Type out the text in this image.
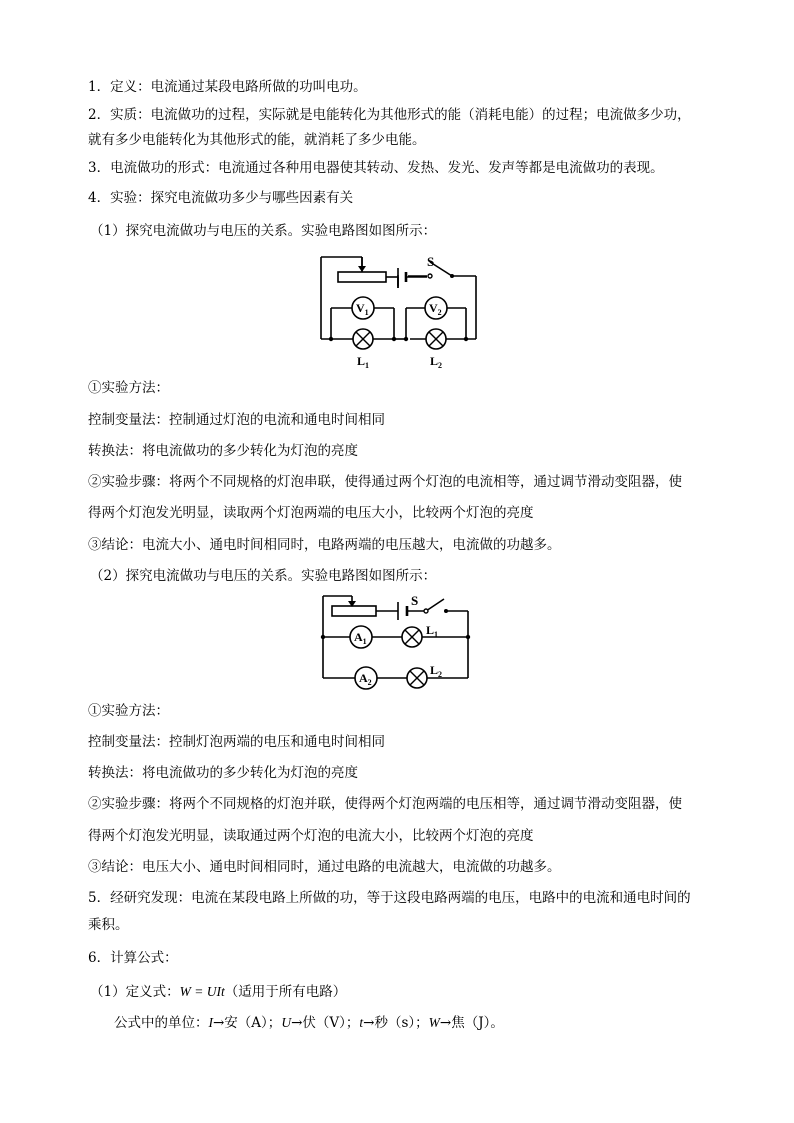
1．定义：电流通过某段电路所做的功叫电功。
2．实质：电流做功的过程，实际就是电能转化为其他形式的能（消耗电能）的过程；电流做多少功，
就有多少电能转化为其他形式的能，就消耗了多少电能。
3．电流做功的形式：电流通过各种用电器使其转动、发热、发光、发声等都是电流做功的表现。
4．实验：探究电流做功多少与哪些因素有关
（1）探究电流做功与电压的关系。实验电路图如图所示：
S
$V_1$	$V_2$
$L_1$	$L_2$
①实验方法：
控制变量法：控制通过灯泡的电流和通电时间相同
转换法：将电流做功的多少转化为灯泡的亮度
②实验步骤：将两个不同规格的灯泡串联，使得通过两个灯泡的电流相等，通过调节滑动变阻器，使
得两个灯泡发光明显，读取两个灯泡两端的电压大小，比较两个灯泡的亮度
③结论：电流大小、通电时间相同时，电路两端的电压越大，电流做的功越多。
（2）探究电流做功与电压的关系。实验电路图如图所示：
S
$A_1$
$A_2$
$L_1$
$L_2$
①实验方法：
控制变量法：控制灯泡两端的电压和通电时间相同
转换法：将电流做功的多少转化为灯泡的亮度
②实验步骤：将两个不同规格的灯泡并联，使得两个灯泡两端的电压相等，通过调节滑动变阻器，使
得两个灯泡发光明显，读取通过两个灯泡的电流大小，比较两个灯泡的亮度
③结论：电压大小、通电时间相同时，通过电路的电流越大，电流做的功越多。
5．经研究发现：电流在某段电路上所做的功，等于这段电路两端的电压，电路中的电流和通电时间的
乘积。
6．计算公式：
（1）定义式：W = UIt（适用于所有电路）
公式中的单位：I→安（A）；U→伏（V）；t→秒（s）；W→焦（J）。
